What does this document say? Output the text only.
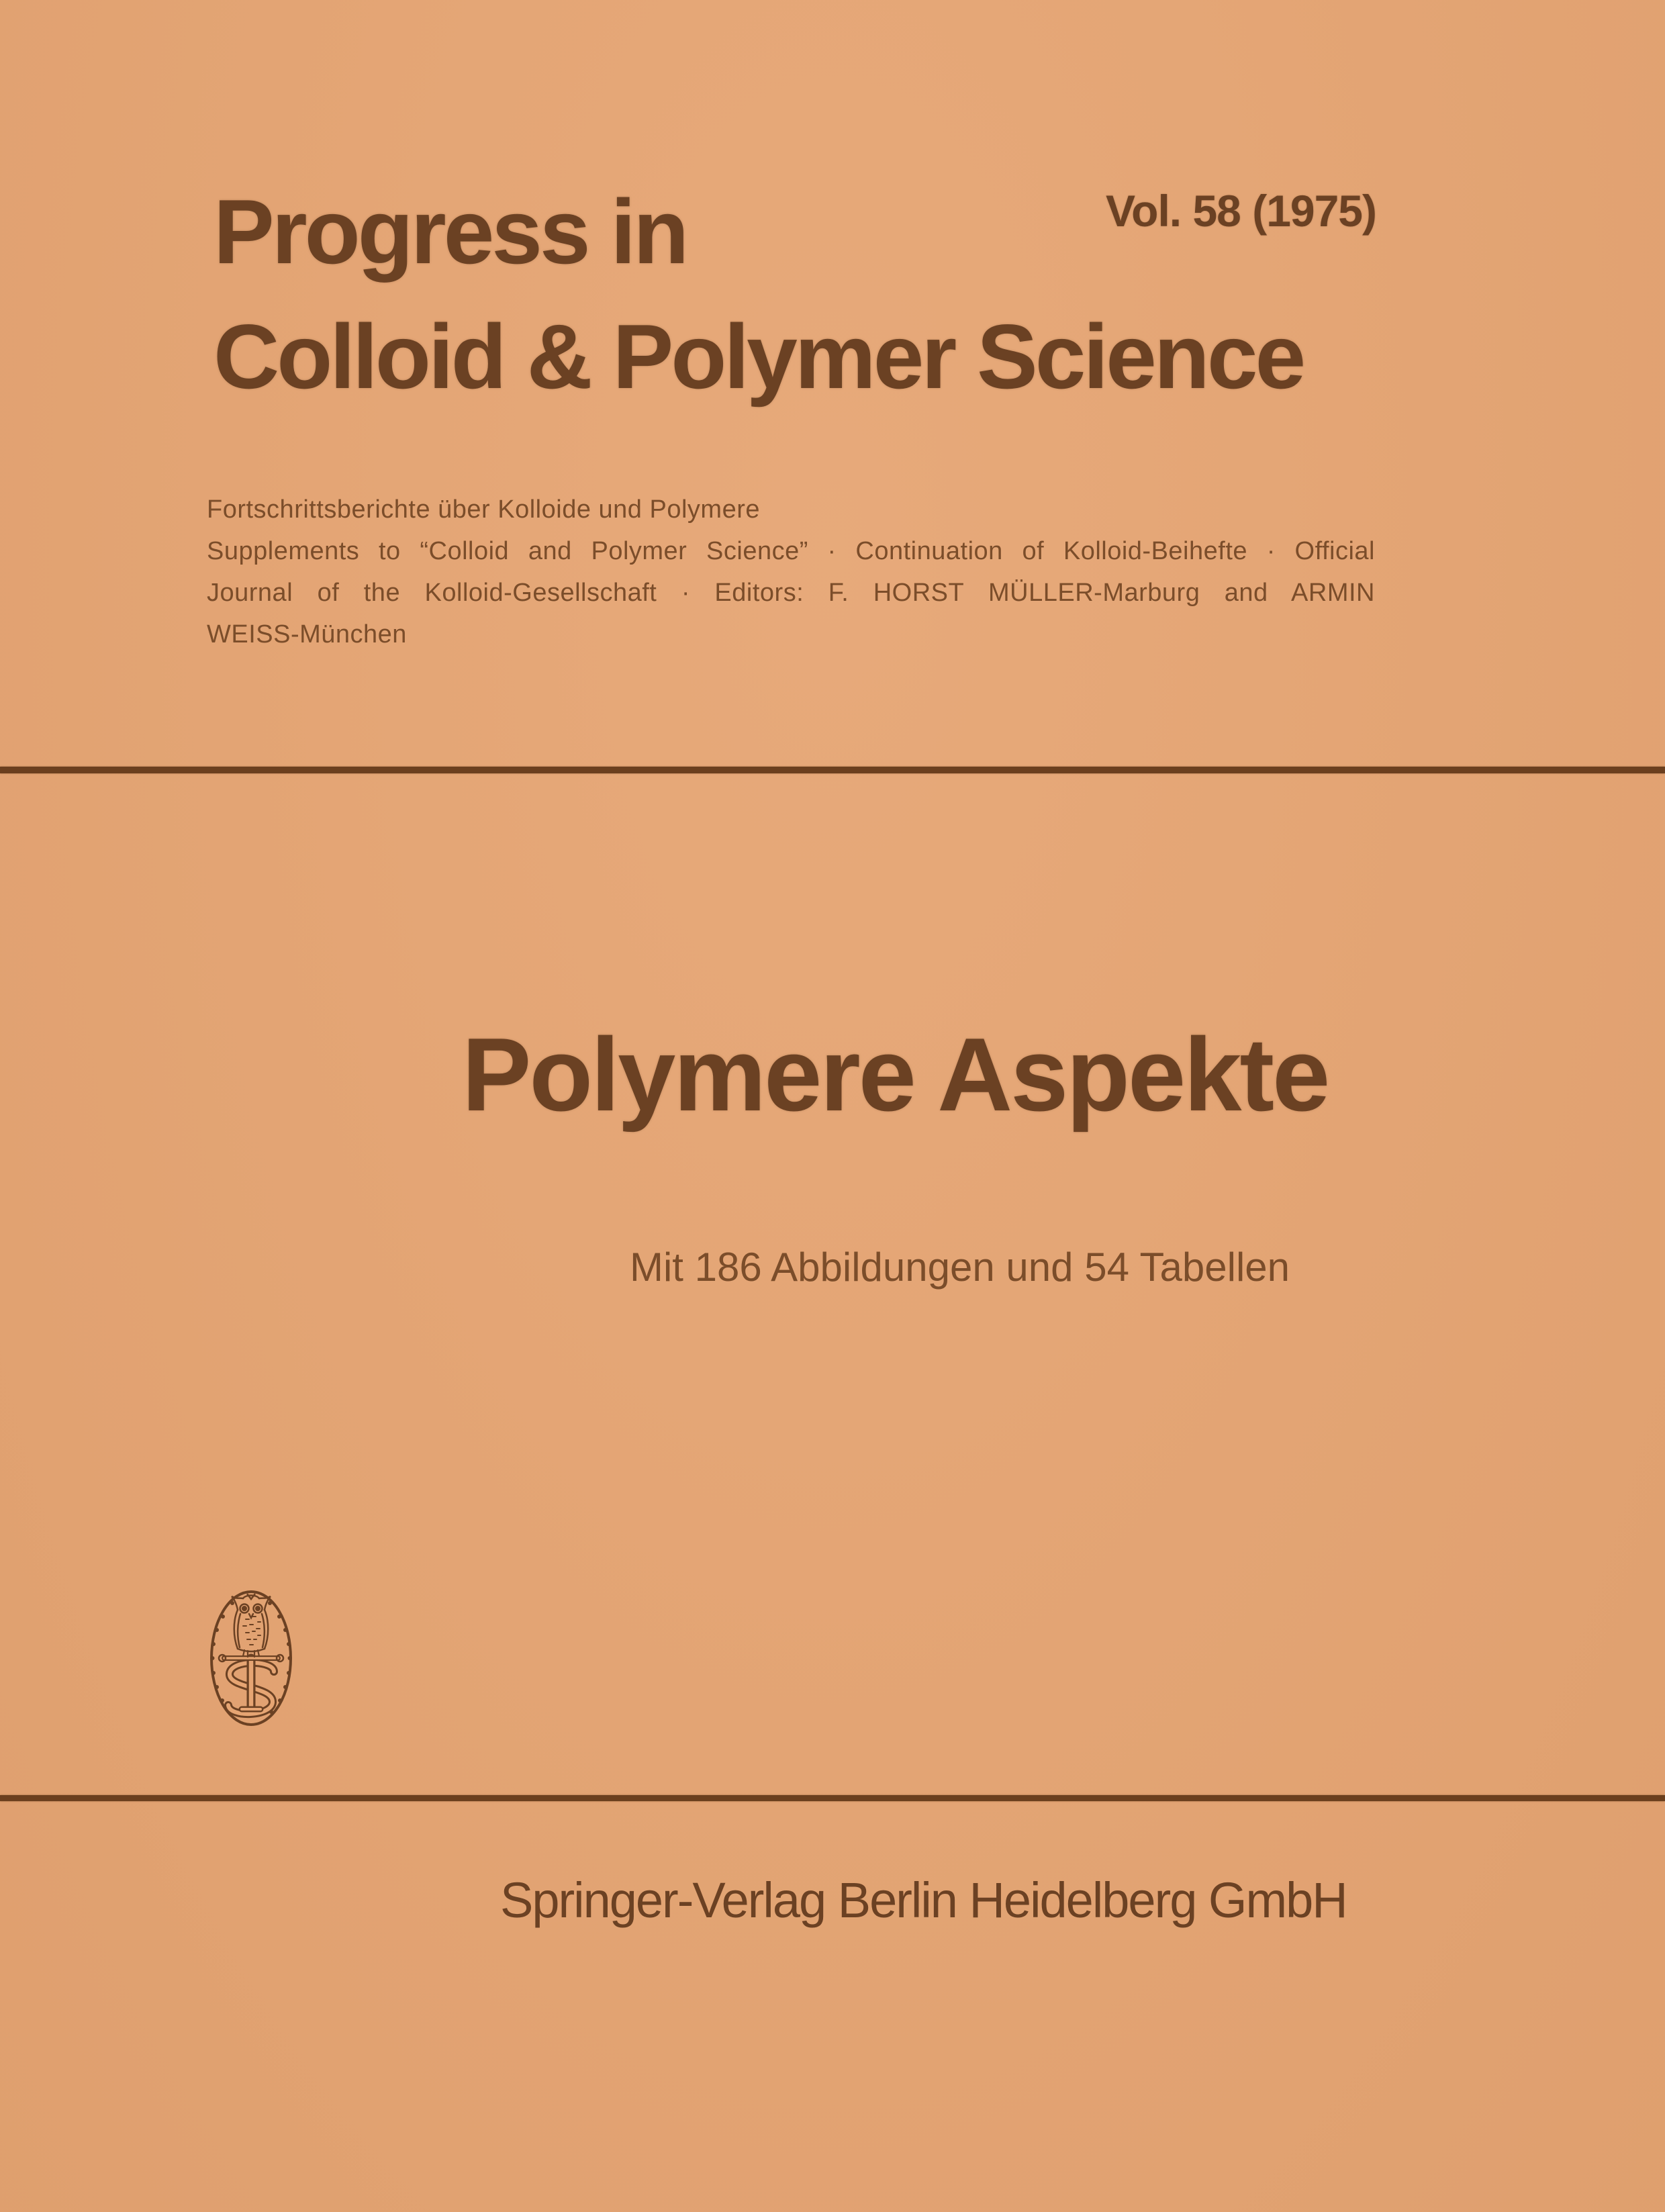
Vol. 58 (1975)
Progress in
Colloid & Polymer Science
Fortschrittsberichte über Kolloide und Polymere
Supplements to “Colloid and Polymer Science” · Continuation of Kolloid-Beihefte · Official
Journal of the Kolloid-Gesellschaft · Editors: F. HORST MÜLLER-Marburg and ARMIN
WEISS-München
Polymere Aspekte
Mit 186 Abbildungen und 54 Tabellen
Springer-Verlag Berlin Heidelberg GmbH
